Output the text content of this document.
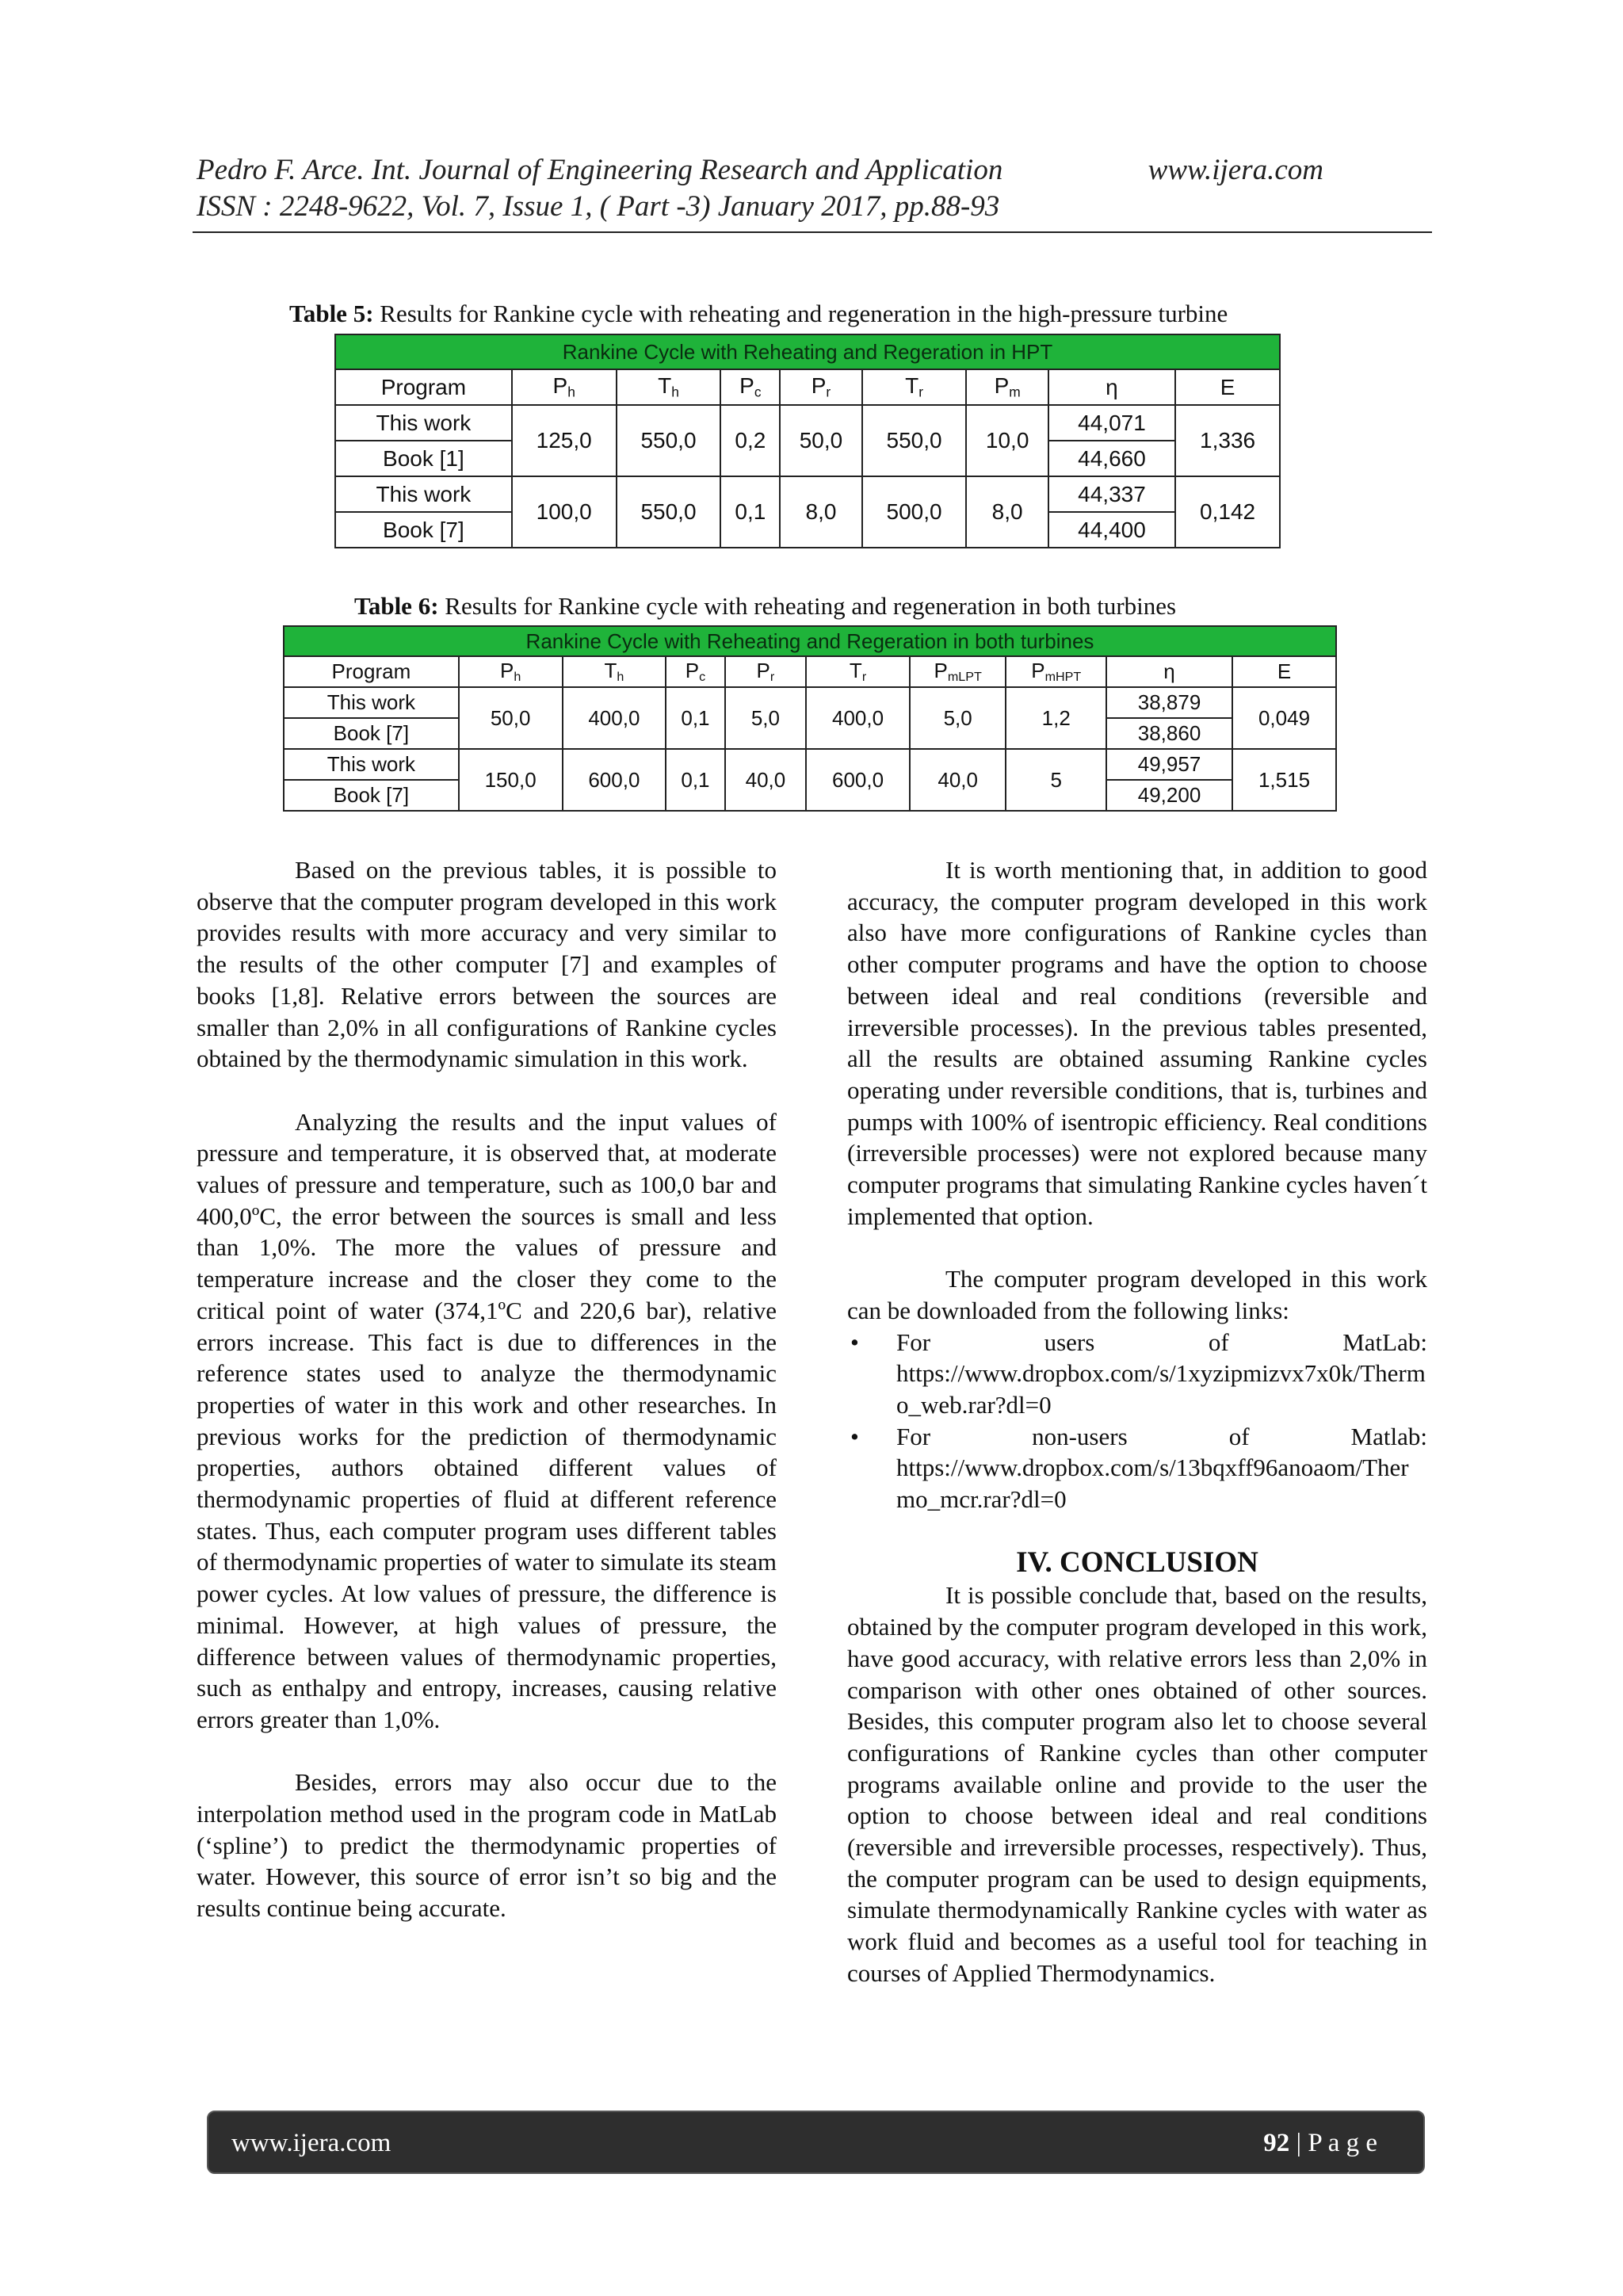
Pedro F. Arce. Int. Journal of Engineering Research and Application	www.ijera.com
ISSN : 2248-9622, Vol. 7, Issue 1, ( Part -3) January 2017, pp.88-93
Table 5: Results for Rankine cycle with reheating and regeneration in the high-pressure turbine
Rankine Cycle with Reheating and Regeration in HPT								
Program	$P_h$	$T_h$	$P_c$	$P_r$	$T_r$	$P_m$	η	E
This work	125,0	550,0	0,2	50,0	550,0	10,0	44,071	1,336
Book [1]							44,660	
This work	100,0	550,0	0,1	8,0	500,0	8,0	44,337	0,142
Book [7]							44,400	
Table 6: Results for Rankine cycle with reheating and regeneration in both turbines
Rankine Cycle with Reheating and Regeration in both turbines									
Program	$P_h$	$T_h$	$P_c$	$P_r$	$T_r$	$P_{mLPT}$	$P_{mHPT}$	η	E
This work	50,0	400,0	0,1	5,0	400,0	5,0	1,2	38,879	0,049
Book [7]								38,860	
This work	150,0	600,0	0,1	40,0	600,0	40,0	5	49,957	1,515
Book [7]								49,200	

Based on the previous tables, it is possible to observe that the computer program developed in this work provides results with more accuracy and very similar to the results of the other computer [7] and examples of books [1,8]. Relative errors between the sources are smaller than 2,0% in all configurations of Rankine cycles obtained by the thermodynamic simulation in this work.

Analyzing the results and the input values of pressure and temperature, it is observed that, at moderate values of pressure and temperature, such as 100,0 bar and 400,0ºC, the error between the sources is small and less than 1,0%. The more the values of pressure and temperature increase and the closer they come to the critical point of water (374,1ºC and 220,6 bar), relative errors increase. This fact is due to differences in the reference states used to analyze the thermodynamic properties of water in this work and other researches. In previous works for the prediction of thermodynamic properties, authors obtained different values of thermodynamic properties of fluid at different reference states. Thus, each computer program uses different tables of thermodynamic properties of water to simulate its steam power cycles. At low values of pressure, the difference is minimal. However, at high values of pressure, the difference between values of thermodynamic properties, such as enthalpy and entropy, increases, causing relative errors greater than 1,0%.

Besides, errors may also occur due to the interpolation method used in the program code in MatLab (‘spline’) to predict the thermodynamic properties of water. However, this source of error isn’t so big and the results continue being accurate.

It is worth mentioning that, in addition to good accuracy, the computer program developed in this work also have more configurations of Rankine cycles than other computer programs and have the option to choose between ideal and real conditions (reversible and irreversible processes). In the previous tables presented, all the results are obtained assuming Rankine cycles operating under reversible conditions, that is, turbines and pumps with 100% of isentropic efficiency. Real conditions (irreversible processes) were not explored because many computer programs that simulating Rankine cycles haven´t implemented that option.

The computer program developed in this work can be downloaded from the following links:

• For	users	of	MatLab:
https://www.dropbox.com/s/1xyzipmizvx7x0k/Thermo_web.rar?dl=0
• For	non-users	of	Matlab:
https://www.dropbox.com/s/13bqxff96anoaom/Thermo_mcr.rar?dl=0
IV. CONCLUSION

It is possible conclude that, based on the results, obtained by the computer program developed in this work, have good accuracy, with relative errors less than 2,0% in comparison with other ones obtained of other sources. Besides, this computer program also let to choose several configurations of Rankine cycles than other computer programs available online and provide to the user the option to choose between ideal and real conditions (reversible and irreversible processes, respectively). Thus, the computer program can be used to design equipments, simulate thermodynamically Rankine cycles with water as work fluid and becomes as a useful tool for teaching in courses of Applied Thermodynamics.

www.ijera.com	92 | P a g e
